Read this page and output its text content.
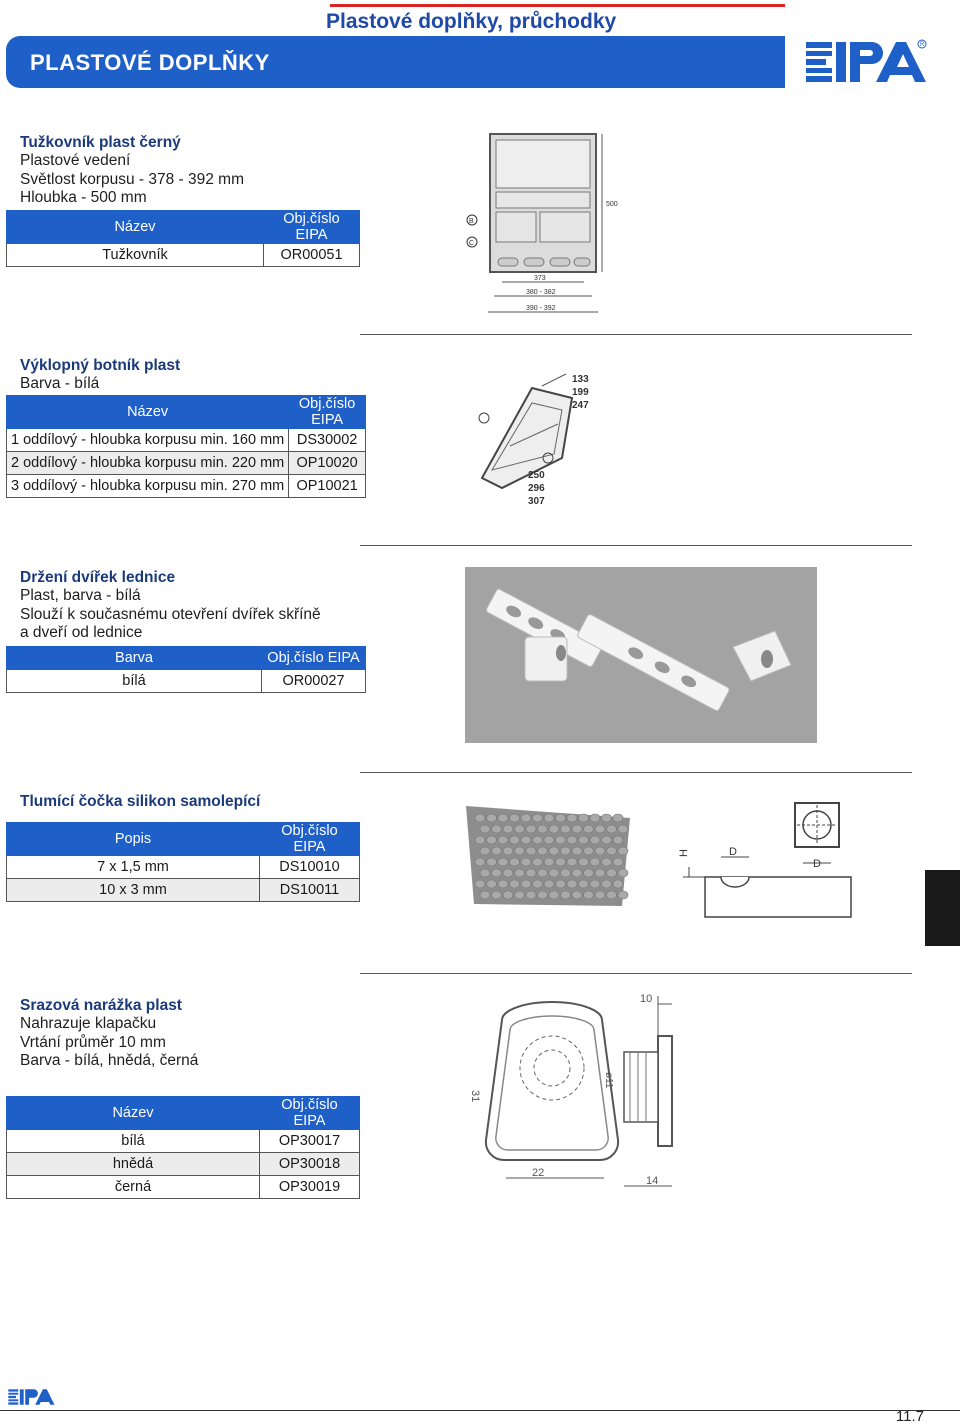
Plastové doplňky, průchodky
PLASTOVÉ DOPLŇKY
R
Tužkovník plast černý
Plastové vedení
Světlost korpusu - 378 - 392 mm
Hloubka - 500 mm
Název	Obj.číslo EIPA
Tužkovník	OR00051
500
B
C
373
380 - 382
390 - 392
Výklopný botník plast
Barva - bílá
Název	Obj.číslo EIPA
1 oddílový - hloubka korpusu min. 160 mm	DS30002
2 oddílový - hloubka korpusu min. 220 mm	OP10020
3 oddílový - hloubka korpusu min. 270 mm	OP10021
133
199
247
250
296
307
Držení dvířek lednice
Plast, barva - bílá
Slouží k současnému otevření dvířek skříně
a dveří od lednice
Barva	Obj.číslo EIPA
bílá	OR00027
Tlumící čočka silikon samolepící
Popis	Obj.číslo EIPA
7 x 1,5 mm	DS10010
10 x 3 mm	DS10011
D
D
H
Srazová narážka plast
Nahrazuje klapačku
Vrtání průměr 10 mm
Barva - bílá, hnědá, černá
Název	Obj.číslo EIPA
bílá	OP30017
hnědá	OP30018
černá	OP30019
31
22
10
ø11
14
11.7
